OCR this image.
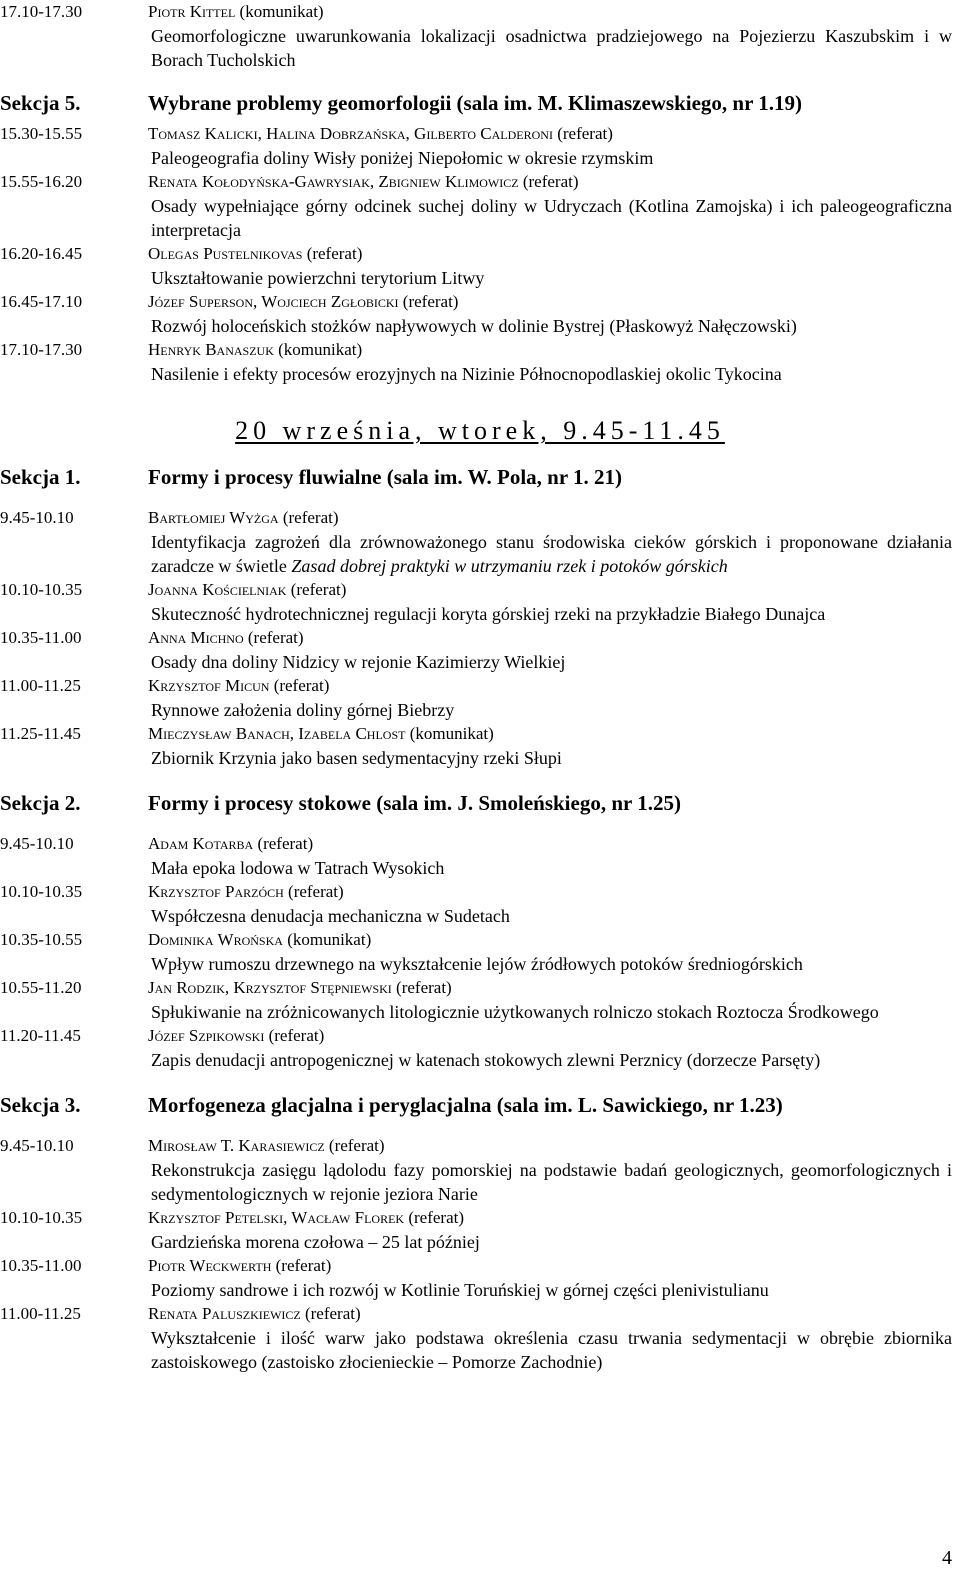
17.10-17.30	Piotr Kittel (komunikat)
Geomorfologiczne uwarunkowania lokalizacji osadnictwa pradziejowego na Pojezierzu Kaszubskim i w Borach Tucholskich
Sekcja 5.	Wybrane problemy geomorfologii (sala im. M. Klimaszewskiego, nr 1.19)
15.30-15.55	Tomasz Kalicki, Halina Dobrzańska, Gilberto Calderoni (referat)
Paleogeografia doliny Wisły poniżej Niepołomic w okresie rzymskim
15.55-16.20	Renata Kołodyńska-Gawrysiak, Zbigniew Klimowicz (referat)
Osady wypełniające górny odcinek suchej doliny w Udryczach (Kotlina Zamojska) i ich paleogeograficzna interpretacja
16.20-16.45	Olegas Pustelnikovas (referat)
Ukształtowanie powierzchni terytorium Litwy
16.45-17.10	Józef Superson, Wojciech Zgłobicki (referat)
Rozwój holoceńskich stożków napływowych w dolinie Bystrej (Płaskowyż Nałęczowski)
17.10-17.30	Henryk Banaszuk (komunikat)
Nasilenie i efekty procesów erozyjnych na Nizinie Północnopodlaskiej okolic Tykocina
20 września, wtorek, 9.45-11.45
Sekcja 1.	Formy i procesy fluwialne (sala im. W. Pola, nr 1. 21)
9.45-10.10	Bartłomiej Wyżga (referat)
Identyfikacja zagrożeń dla zrównoważonego stanu środowiska cieków górskich i proponowane działania zaradcze w świetle Zasad dobrej praktyki w utrzymaniu rzek i potoków górskich
10.10-10.35	Joanna Kościelniak (referat)
Skuteczność hydrotechnicznej regulacji koryta górskiej rzeki na przykładzie Białego Dunajca
10.35-11.00	Anna Michno (referat)
Osady dna doliny Nidzicy w rejonie Kazimierzy Wielkiej
11.00-11.25	Krzysztof Micun (referat)
Rynnowe założenia doliny górnej Biebrzy
11.25-11.45	Mieczysław Banach, Izabela Chlost (komunikat)
Zbiornik Krzynia jako basen sedymentacyjny rzeki Słupi
Sekcja 2.	Formy i procesy stokowe (sala im. J. Smoleńskiego, nr 1.25)
9.45-10.10	Adam Kotarba (referat)
Mała epoka lodowa w Tatrach Wysokich
10.10-10.35	Krzysztof Parzóch (referat)
Współczesna denudacja mechaniczna w Sudetach
10.35-10.55	Dominika Wrońska (komunikat)
Wpływ rumoszu drzewnego na wykształcenie lejów źródłowych potoków średniogórskich
10.55-11.20	Jan Rodzik, Krzysztof Stępniewski (referat)
Spłukiwanie na zróżnicowanych litologicznie użytkowanych rolniczo stokach Roztocza Środkowego
11.20-11.45	Józef Szpikowski (referat)
Zapis denudacji antropogenicznej w katenach stokowych zlewni Perznicy (dorzecze Parsęty)
Sekcja 3.	Morfogeneza glacjalna i peryglacjalna (sala im. L. Sawickiego, nr 1.23)
9.45-10.10	Mirosław T. Karasiewicz (referat)
Rekonstrukcja zasięgu lądolodu fazy pomorskiej na podstawie badań geologicznych, geomorfologicznych i sedymentologicznych w rejonie jeziora Narie
10.10-10.35	Krzysztof Petelski, Wacław Florek (referat)
Gardzieńska morena czołowa – 25 lat później
10.35-11.00	Piotr Weckwerth (referat)
Poziomy sandrowe i ich rozwój w Kotlinie Toruńskiej w górnej części plenivistulianu
11.00-11.25	Renata Paluszkiewicz (referat)
Wykształcenie i ilość warw jako podstawa określenia czasu trwania sedymentacji w obrębie zbiornika zastoiskowego (zastoisko złocienieckie – Pomorze Zachodnie)
4
